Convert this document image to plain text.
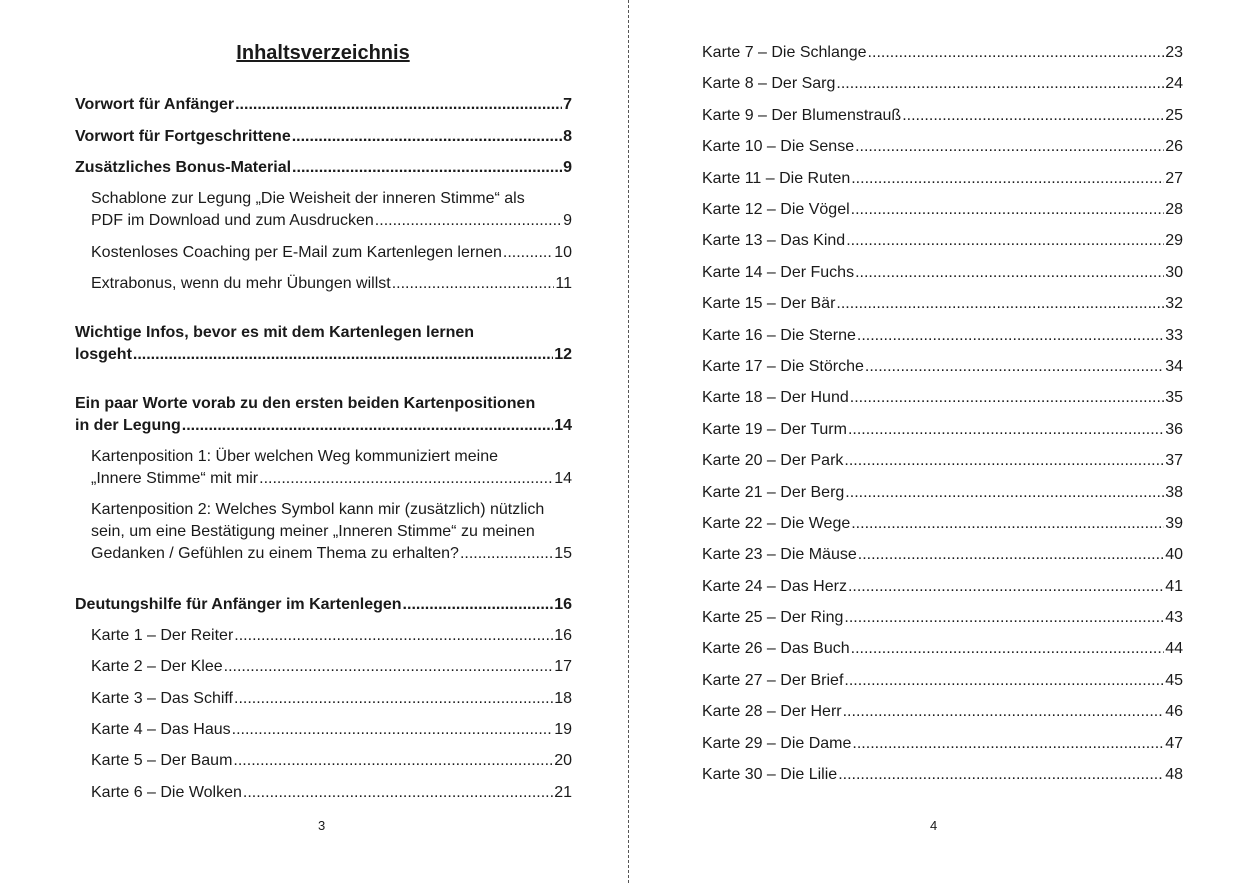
Inhaltsverzeichnis
Vorwort für Anfänger .....	7
Vorwort für Fortgeschrittene .....	8
Zusätzliches Bonus-Material .....	9
Schablone zur Legung „Die Weisheit der inneren Stimme“ als
PDF im Download und zum Ausdrucken .....	9
Kostenloses Coaching per E-Mail zum Kartenlegen lernen .....	10
Extrabonus, wenn du mehr Übungen willst .....	11
Wichtige Infos, bevor es mit dem Kartenlegen lernen
losgeht .....	12
Ein paar Worte vorab zu den ersten beiden Kartenpositionen
in der Legung .....	14
Kartenposition 1: Über welchen Weg kommuniziert meine
„Innere Stimme“ mit mir .....	14
Kartenposition 2: Welches Symbol kann mir (zusätzlich) nützlich
sein, um eine Bestätigung meiner „Inneren Stimme“ zu meinen
Gedanken / Gefühlen zu einem Thema zu erhalten? .....	15
Deutungshilfe für Anfänger im Kartenlegen .....	16
Karte 1 – Der Reiter .....	16
Karte 2 – Der Klee .....	17
Karte 3 – Das Schiff .....	18
Karte 4 – Das Haus .....	19
Karte 5 – Der Baum .....	20
Karte 6 – Die Wolken .....	21
3
Karte 7 – Die Schlange .....	23
Karte 8 – Der Sarg .....	24
Karte 9 – Der Blumenstrauß .....	25
Karte 10 – Die Sense .....	26
Karte 11 – Die Ruten .....	27
Karte 12 – Die Vögel .....	28
Karte 13 – Das Kind .....	29
Karte 14 – Der Fuchs .....	30
Karte 15 – Der Bär .....	32
Karte 16 – Die Sterne .....	33
Karte 17 – Die Störche .....	34
Karte 18 – Der Hund .....	35
Karte 19 – Der Turm .....	36
Karte 20 – Der Park .....	37
Karte 21 – Der Berg .....	38
Karte 22 – Die Wege .....	39
Karte 23 – Die Mäuse .....	40
Karte 24 – Das Herz .....	41
Karte 25 – Der Ring .....	43
Karte 26 – Das Buch .....	44
Karte 27 – Der Brief .....	45
Karte 28 – Der Herr .....	46
Karte 29 – Die Dame .....	47
Karte 30 – Die Lilie .....	48
4
